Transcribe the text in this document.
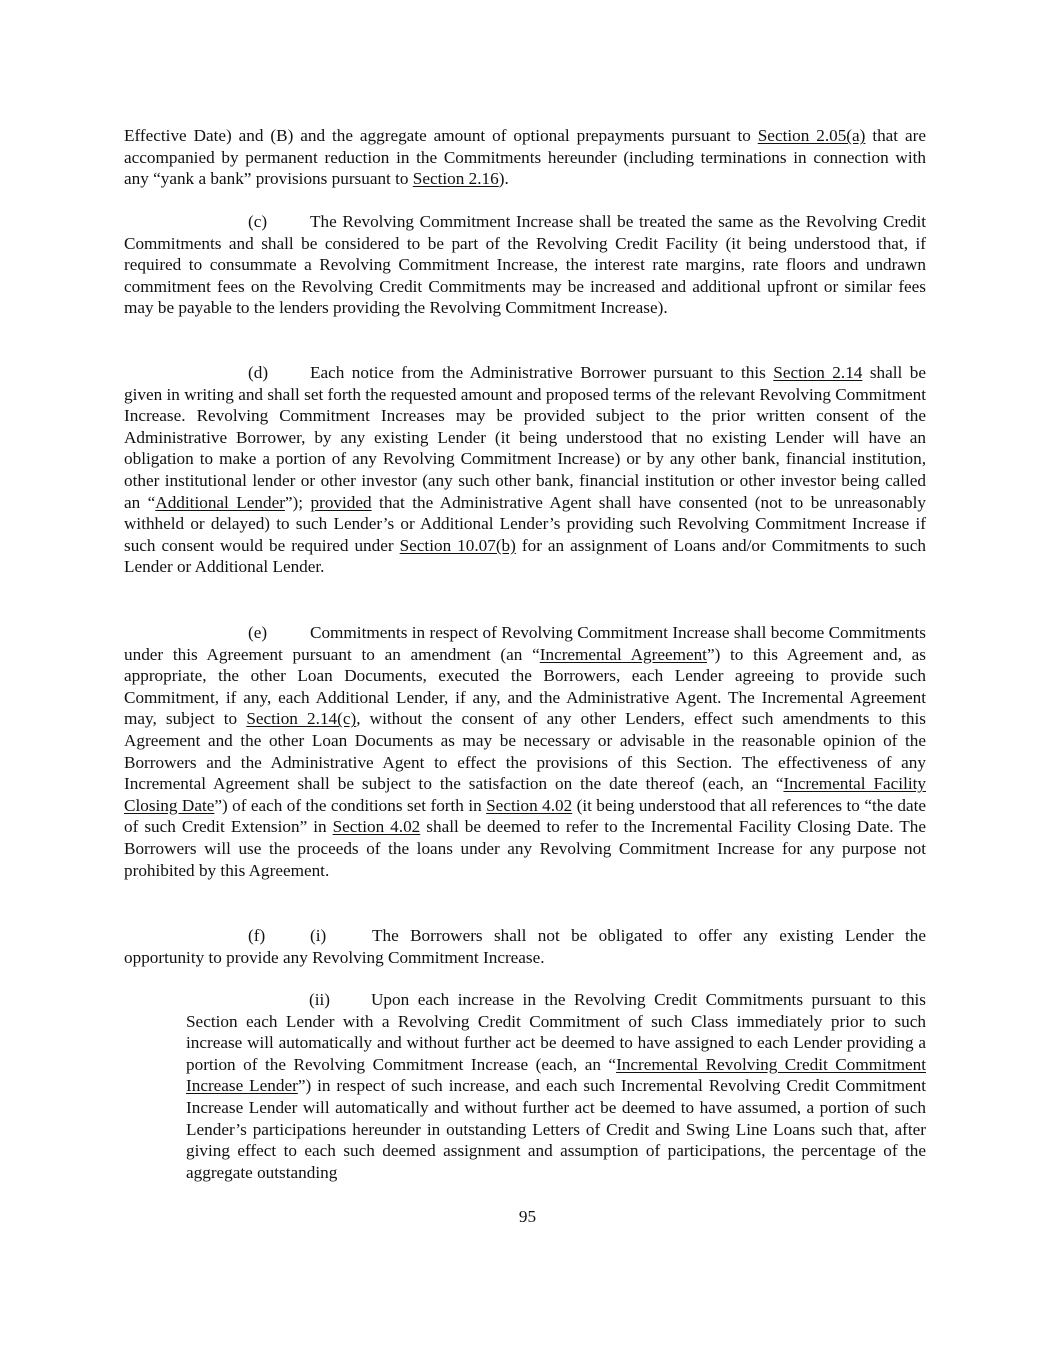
Effective Date) and (B) and the aggregate amount of optional prepayments pursuant to Section 2.05(a) that are accompanied by permanent reduction in the Commitments hereunder (including terminations in connection with any “yank a bank” provisions pursuant to Section 2.16).

(c) The Revolving Commitment Increase shall be treated the same as the Revolving Credit Commitments and shall be considered to be part of the Revolving Credit Facility (it being understood that, if required to consummate a Revolving Commitment Increase, the interest rate margins, rate floors and undrawn commitment fees on the Revolving Credit Commitments may be increased and additional upfront or similar fees may be payable to the lenders providing the Revolving Commitment Increase).

(d) Each notice from the Administrative Borrower pursuant to this Section 2.14 shall be given in writing and shall set forth the requested amount and proposed terms of the relevant Revolving Commitment Increase. Revolving Commitment Increases may be provided subject to the prior written consent of the Administrative Borrower, by any existing Lender (it being understood that no existing Lender will have an obligation to make a portion of any Revolving Commitment Increase) or by any other bank, financial institution, other institutional lender or other investor (any such other bank, financial institution or other investor being called an “Additional Lender”); provided that the Administrative Agent shall have consented (not to be unreasonably withheld or delayed) to such Lender’s or Additional Lender’s providing such Revolving Commitment Increase if such consent would be required under Section 10.07(b) for an assignment of Loans and/or Commitments to such Lender or Additional Lender.

(e) Commitments in respect of Revolving Commitment Increase shall become Commitments under this Agreement pursuant to an amendment (an “Incremental Agreement”) to this Agreement and, as appropriate, the other Loan Documents, executed the Borrowers, each Lender agreeing to provide such Commitment, if any, each Additional Lender, if any, and the Administrative Agent. The Incremental Agreement may, subject to Section 2.14(c), without the consent of any other Lenders, effect such amendments to this Agreement and the other Loan Documents as may be necessary or advisable in the reasonable opinion of the Borrowers and the Administrative Agent to effect the provisions of this Section. The effectiveness of any Incremental Agreement shall be subject to the satisfaction on the date thereof (each, an “Incremental Facility Closing Date”) of each of the conditions set forth in Section 4.02 (it being understood that all references to “the date of such Credit Extension” in Section 4.02 shall be deemed to refer to the Incremental Facility Closing Date. The Borrowers will use the proceeds of the loans under any Revolving Commitment Increase for any purpose not prohibited by this Agreement.

(f)	(i)	The Borrowers shall not be obligated to offer any existing Lender the opportunity to provide any Revolving Commitment Increase.

(ii) Upon each increase in the Revolving Credit Commitments pursuant to this Section each Lender with a Revolving Credit Commitment of such Class immediately prior to such increase will automatically and without further act be deemed to have assigned to each Lender providing a portion of the Revolving Commitment Increase (each, an “Incremental Revolving Credit Commitment Increase Lender”) in respect of such increase, and each such Incremental Revolving Credit Commitment Increase Lender will automatically and without further act be deemed to have assumed, a portion of such Lender’s participations hereunder in outstanding Letters of Credit and Swing Line Loans such that, after giving effect to each such deemed assignment and assumption of participations, the percentage of the aggregate outstanding

95
